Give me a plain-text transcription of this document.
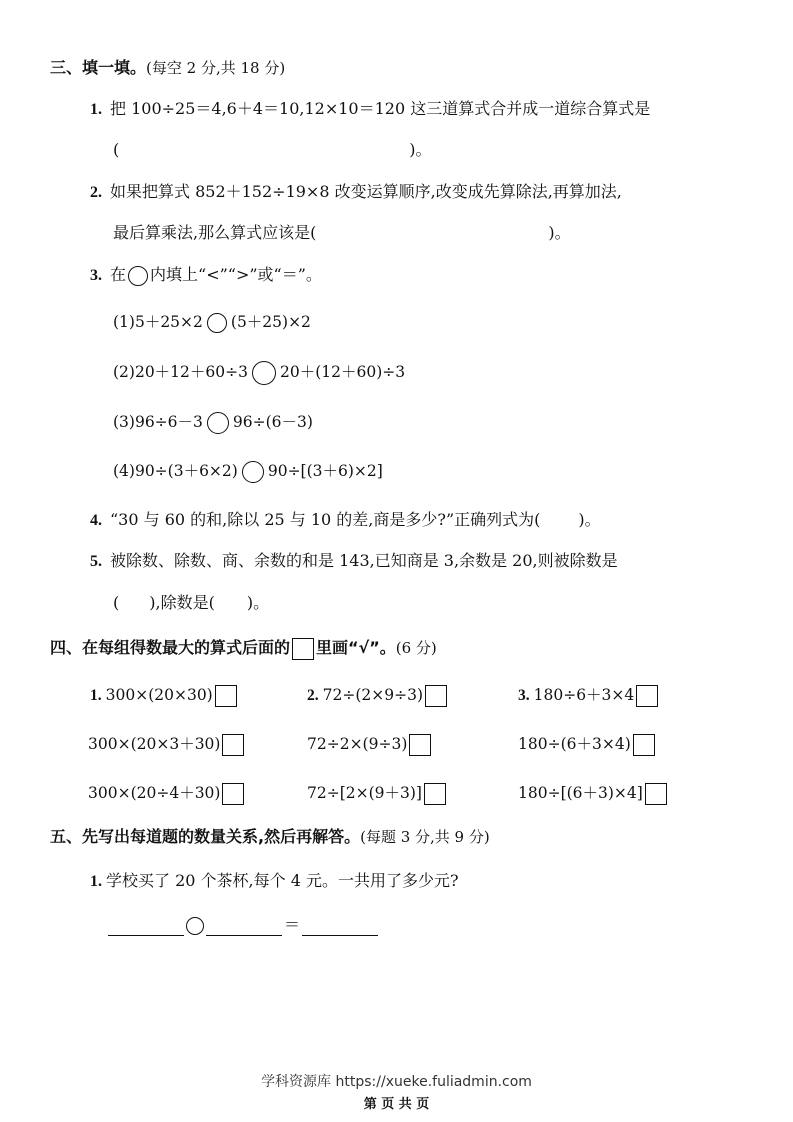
三、填一填。(每空 2 分,共 18 分)
1. 把 100÷25＝4,6＋4＝10,12×10＝120 这三道算式合并成一道综合算式是
(	)。
2. 如果把算式 852＋152÷19×8 改变运算顺序,改变成先算除法,再算加法,
最后算乘法,那么算式应该是(	)。
3. 在 内填上“<”“>”或“＝”。
(1)5＋25×2 (5＋25)×2
(2)20＋12＋60÷3 20＋(12＋60)÷3
(3)96÷6－3 96÷(6－3)
(4)90÷(3＋6×2) 90÷[(3＋6)×2]
4. “30 与 60 的和,除以 25 与 10 的差,商是多少?”正确列式为( )。
5. 被除数、除数、商、余数的和是 143,已知商是 3,余数是 20,则被除数是
( ),除数是( )。
四、在每组得数最大的算式后面的 里画“√”。(6 分)
1. 300×(20×30)
300×(20×3＋30)
300×(20÷4＋30)
2. 72÷(2×9÷3)
72÷2×(9÷3)
72÷[2×(9＋3)]
3. 180÷6＋3×4
180÷(6＋3×4)
180÷[(6＋3)×4]
五、先写出每道题的数量关系,然后再解答。(每题 3 分,共 9 分)
1. 学校买了 20 个茶杯,每个 4 元。一共用了多少元?
＝
学科资源库 https://xueke.fuliadmin.com
第 页 共 页
